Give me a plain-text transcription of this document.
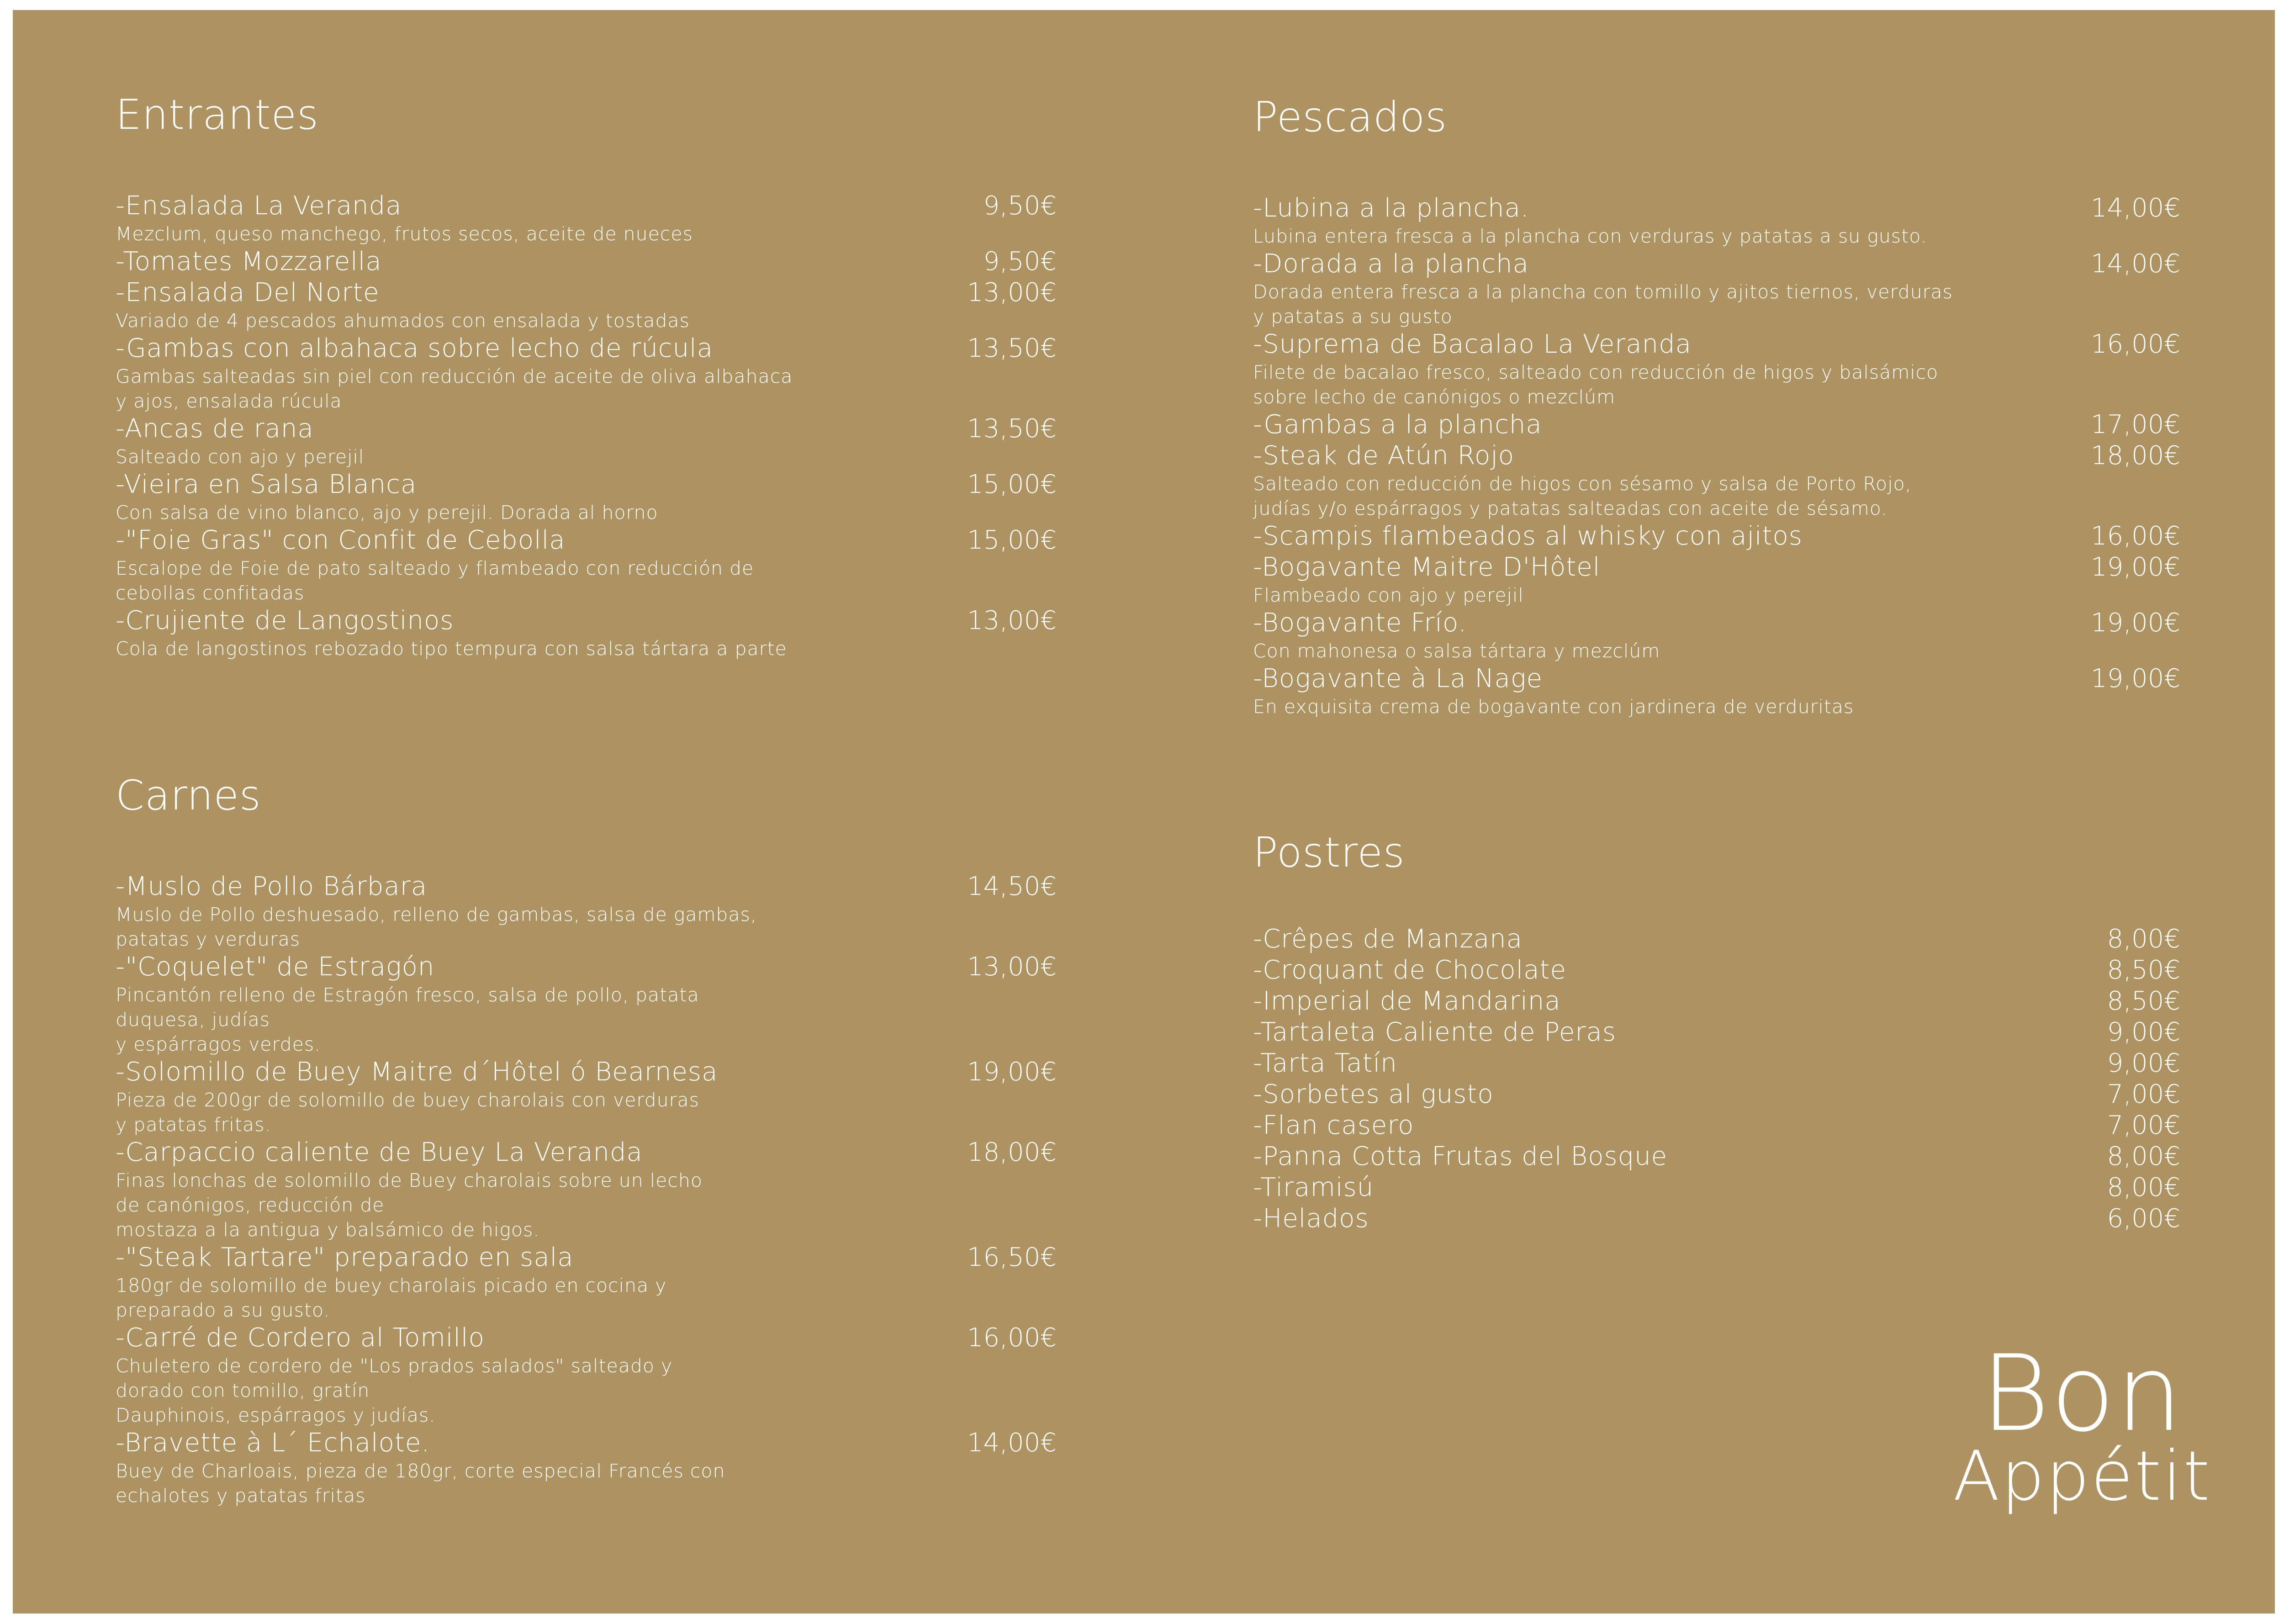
Entrantes
-Ensalada La Veranda	9,50€
Mezclum, queso manchego, frutos secos, aceite de nueces
-Tomates Mozzarella	9,50€
-Ensalada Del Norte	13,00€
Variado de 4 pescados ahumados con ensalada y tostadas
-Gambas con albahaca sobre lecho de rúcula	13,50€
Gambas salteadas sin piel con reducción de aceite de oliva albahaca
y ajos, ensalada rúcula
-Ancas de rana	13,50€
Salteado con ajo y perejil
-Vieira en Salsa Blanca	15,00€
Con salsa de vino blanco, ajo y perejil. Dorada al horno
-"Foie Gras" con Confit de Cebolla	15,00€
Escalope de Foie de pato salteado y flambeado con reducción de
cebollas confitadas
-Crujiente de Langostinos	13,00€
Cola de langostinos rebozado tipo tempura con salsa tártara a parte
Carnes
-Muslo de Pollo Bárbara	14,50€
Muslo de Pollo deshuesado, relleno de gambas, salsa de gambas,
patatas y verduras
-"Coquelet" de Estragón	13,00€
Pincantón relleno de Estragón fresco, salsa de pollo, patata
duquesa, judías
y espárragos verdes.
-Solomillo de Buey Maitre d´Hôtel ó Bearnesa	19,00€
Pieza de 200gr de solomillo de buey charolais con verduras
y patatas fritas.
-Carpaccio caliente de Buey La Veranda	18,00€
Finas lonchas de solomillo de Buey charolais sobre un lecho
de canónigos, reducción de
mostaza a la antigua y balsámico de higos.
-"Steak Tartare" preparado en sala	16,50€
180gr de solomillo de buey charolais picado en cocina y
preparado a su gusto.
-Carré de Cordero al Tomillo	16,00€
Chuletero de cordero de "Los prados salados" salteado y
dorado con tomillo, gratín
Dauphinois, espárragos y judías.
-Bravette à L´ Echalote.	14,00€
Buey de Charloais, pieza de 180gr, corte especial Francés con
echalotes y patatas fritas
Pescados
-Lubina a la plancha.	14,00€
Lubina entera fresca a la plancha con verduras y patatas a su gusto.
-Dorada a la plancha	14,00€
Dorada entera fresca a la plancha con tomillo y ajitos tiernos, verduras
y patatas a su gusto
-Suprema de Bacalao La Veranda	16,00€
Filete de bacalao fresco, salteado con reducción de higos y balsámico
sobre lecho de canónigos o mezclúm
-Gambas a la plancha	17,00€
-Steak de Atún Rojo	18,00€
Salteado con reducción de higos con sésamo y salsa de Porto Rojo,
judías y/o espárragos y patatas salteadas con aceite de sésamo.
-Scampis flambeados al whisky con ajitos	16,00€
-Bogavante Maitre D'Hôtel	19,00€
Flambeado con ajo y perejil
-Bogavante Frío.	19,00€
Con mahonesa o salsa tártara y mezclúm
-Bogavante à La Nage	19,00€
En exquisita crema de bogavante con jardinera de verduritas
Postres
-Crêpes de Manzana	8,00€
-Croquant de Chocolate	8,50€
-Imperial de Mandarina	8,50€
-Tartaleta Caliente de Peras	9,00€
-Tarta Tatín	9,00€
-Sorbetes al gusto	7,00€
-Flan casero	7,00€
-Panna Cotta Frutas del Bosque	8,00€
-Tiramisú	8,00€
-Helados	6,00€
Bon
Appétit
